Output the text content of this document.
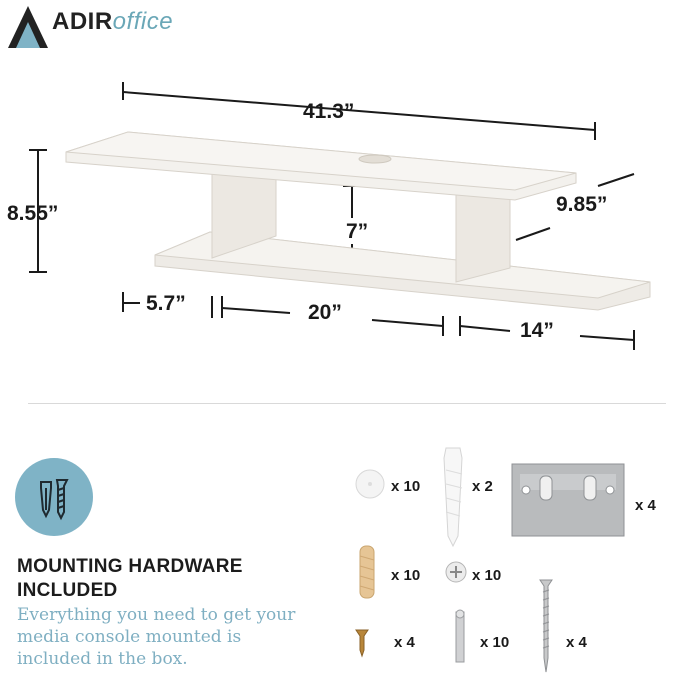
ADIRoffice
41.3”
8.55”	9.85”
7”
5.7”	20”
14”
MOUNTING HARDWARE
INCLUDED
Everything you need to get your media console mounted is included in the box.
x 10	x 2
x 4
x 10	x 10
x 4	x 10	x 4
